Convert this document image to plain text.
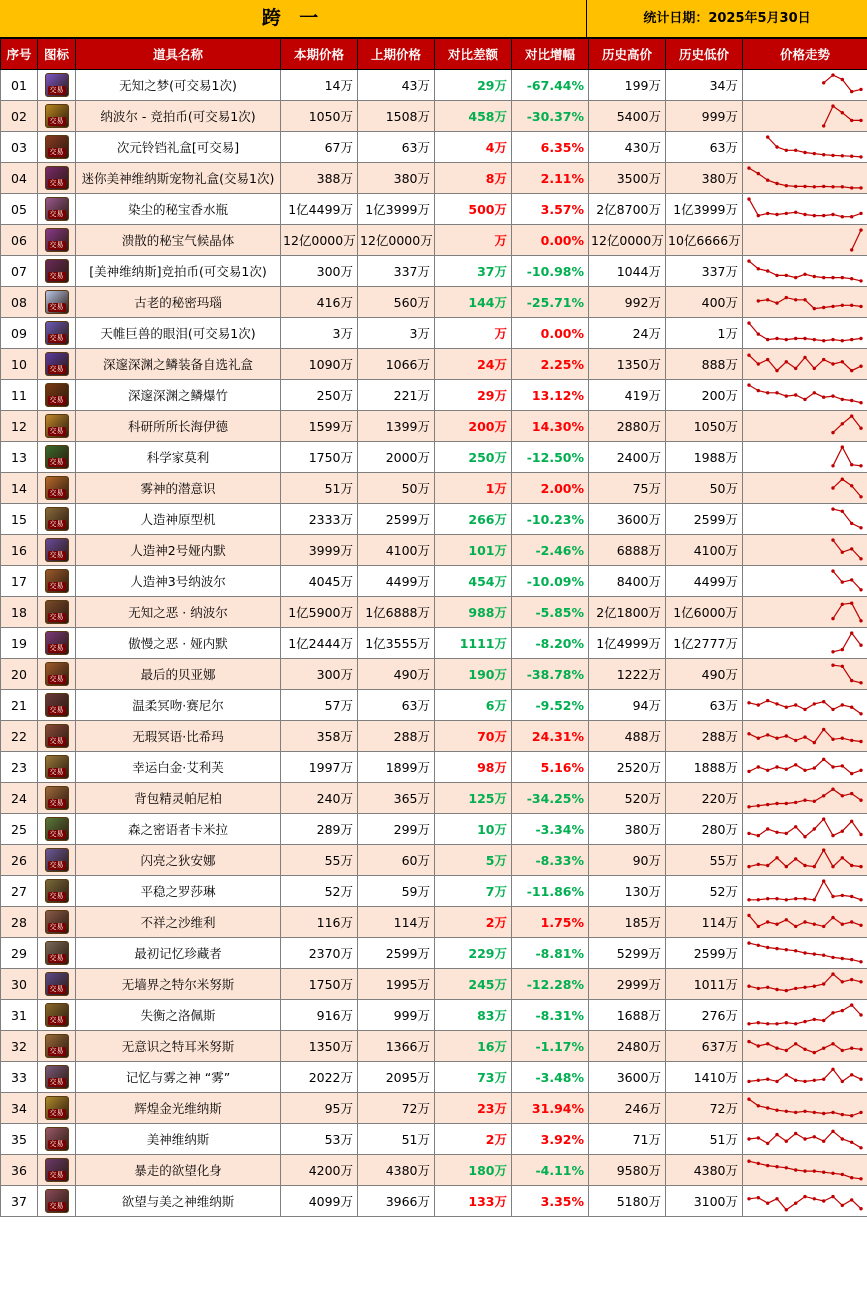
跨 一	统计日期：2025年5月30日
序号	图标	道具名称	本期价格	上期价格	对比差额	对比增幅	历史高价	历史低价	价格走势
01	交易	无知之梦(可交易1次)	14万	43万	29万	-67.44%	199万	34万	

02	交易	纳波尔 - 竞拍币(可交易1次)	1050万	1508万	458万	-30.37%	5400万	999万	

03	交易	次元铃铛礼盒[可交易]	67万	63万	4万	6.35%	430万	63万	

04	交易	迷你美神维纳斯宠物礼盒(交易1次)	388万	380万	8万	2.11%	3500万	380万	

05	交易	染尘的秘宝香水瓶	1亿4499万	1亿3999万	500万	3.57%	2亿8700万	1亿3999万	

06	交易	溃散的秘宝气候晶体	12亿0000万	12亿0000万	万	0.00%	12亿0000万	10亿6666万	

07	交易	[美神维纳斯]竞拍币(可交易1次)	300万	337万	37万	-10.98%	1044万	337万	

08	交易	古老的秘密玛瑙	416万	560万	144万	-25.71%	992万	400万	

09	交易	天帷巨兽的眼泪(可交易1次)	3万	3万	万	0.00%	24万	1万	

10	交易	深邃深渊之鳞装备自选礼盒	1090万	1066万	24万	2.25%	1350万	888万	

11	交易	深邃深渊之鳞爆竹	250万	221万	29万	13.12%	419万	200万	

12	交易	科研所所长海伊德	1599万	1399万	200万	14.30%	2880万	1050万	

13	交易	科学家莫利	1750万	2000万	250万	-12.50%	2400万	1988万	

14	交易	雾神的潜意识	51万	50万	1万	2.00%	75万	50万	

15	交易	人造神原型机	2333万	2599万	266万	-10.23%	3600万	2599万	

16	交易	人造神2号娅内默	3999万	4100万	101万	-2.46%	6888万	4100万	

17	交易	人造神3号纳波尔	4045万	4499万	454万	-10.09%	8400万	4499万	

18	交易	无知之恶 · 纳波尔	1亿5900万	1亿6888万	988万	-5.85%	2亿1800万	1亿6000万	

19	交易	傲慢之恶 · 娅内默	1亿2444万	1亿3555万	1111万	-8.20%	1亿4999万	1亿2777万	

20	交易	最后的贝亚娜	300万	490万	190万	-38.78%	1222万	490万	

21	交易	温柔冥吻·赛尼尔	57万	63万	6万	-9.52%	94万	63万	

22	交易	无瑕冥语·比希玛	358万	288万	70万	24.31%	488万	288万	

23	交易	幸运白金·艾利芙	1997万	1899万	98万	5.16%	2520万	1888万	

24	交易	背包精灵帕尼柏	240万	365万	125万	-34.25%	520万	220万	

25	交易	森之密语者卡米拉	289万	299万	10万	-3.34%	380万	280万	

26	交易	闪亮之狄安娜	55万	60万	5万	-8.33%	90万	55万	

27	交易	平稳之罗莎琳	52万	59万	7万	-11.86%	130万	52万	

28	交易	不祥之沙维利	116万	114万	2万	1.75%	185万	114万	

29	交易	最初记忆珍藏者	2370万	2599万	229万	-8.81%	5299万	2599万	

30	交易	无墙界之特尔米努斯	1750万	1995万	245万	-12.28%	2999万	1011万	

31	交易	失衡之洛佩斯	916万	999万	83万	-8.31%	1688万	276万	

32	交易	无意识之特耳米努斯	1350万	1366万	16万	-1.17%	2480万	637万	

33	交易	记忆与雾之神 “雾”	2022万	2095万	73万	-3.48%	3600万	1410万	

34	交易	辉煌金光维纳斯	95万	72万	23万	31.94%	246万	72万	

35	交易	美神维纳斯	53万	51万	2万	3.92%	71万	51万	

36	交易	暴走的欲望化身	4200万	4380万	180万	-4.11%	9580万	4380万	

37	交易	欲望与美之神维纳斯	4099万	3966万	133万	3.35%	5180万	3100万	
